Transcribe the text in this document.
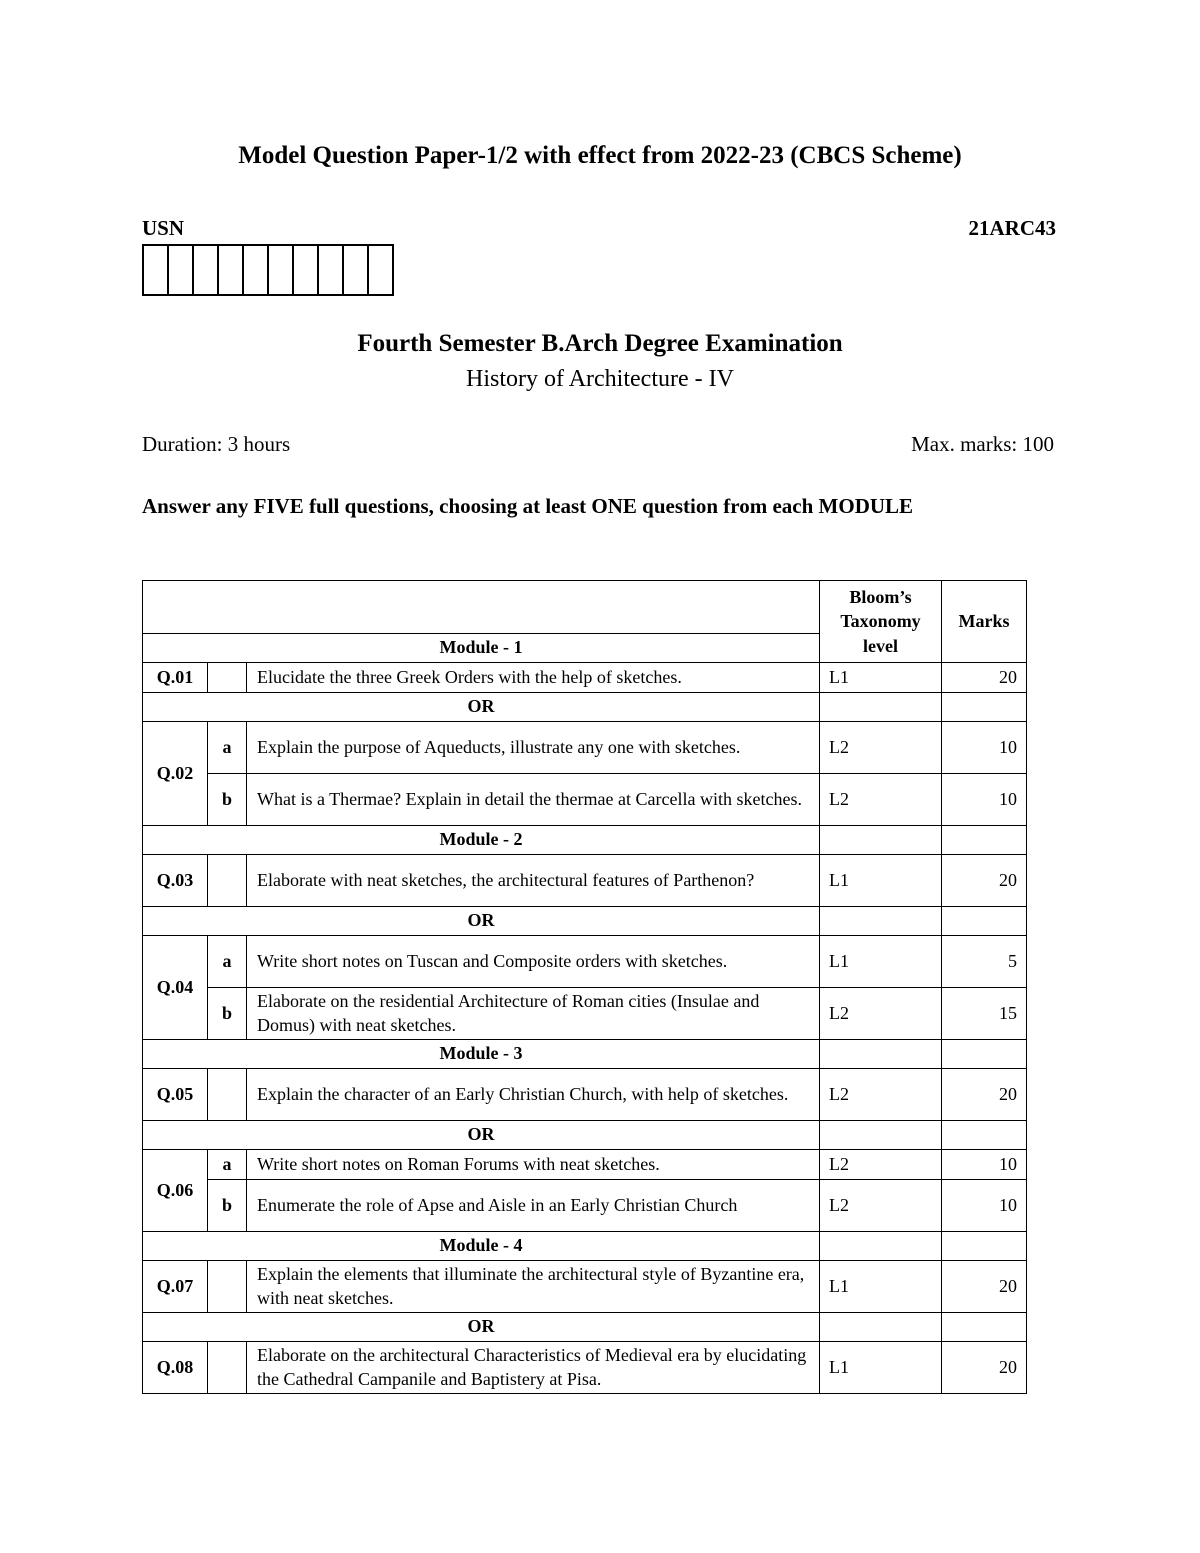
Model Question Paper-1/2 with effect from 2022-23 (CBCS Scheme)
USN	21ARC43
Fourth Semester B.Arch Degree Examination
History of Architecture - IV
Duration: 3 hours	Max. marks: 100
Answer any FIVE full questions, choosing at least ONE question from each MODULE
			Bloom’s Taxonomy level	Marks
Module - 1				
Q.01		Elucidate the three Greek Orders with the help of sketches.	L1	20
OR				
Q.02	a	Explain the purpose of Aqueducts, illustrate any one with sketches.	L2	10
	b	What is a Thermae? Explain in detail the thermae at Carcella with sketches.	L2	10
Module - 2				
Q.03		Elaborate with neat sketches, the architectural features of Parthenon?	L1	20
OR				
Q.04	a	Write short notes on Tuscan and Composite orders with sketches.	L1	5
	b	Elaborate on the residential Architecture of Roman cities (Insulae and Domus) with neat sketches.	L2	15
Module - 3				
Q.05		Explain the character of an Early Christian Church, with help of sketches.	L2	20
OR				
Q.06	a	Write short notes on Roman Forums with neat sketches.	L2	10
	b	Enumerate the role of Apse and Aisle in an Early Christian Church	L2	10
Module - 4				
Q.07		Explain the elements that illuminate the architectural style of Byzantine era, with neat sketches.	L1	20
OR				
Q.08		Elaborate on the architectural Characteristics of Medieval era by elucidating the Cathedral Campanile and Baptistery at Pisa.	L1	20
